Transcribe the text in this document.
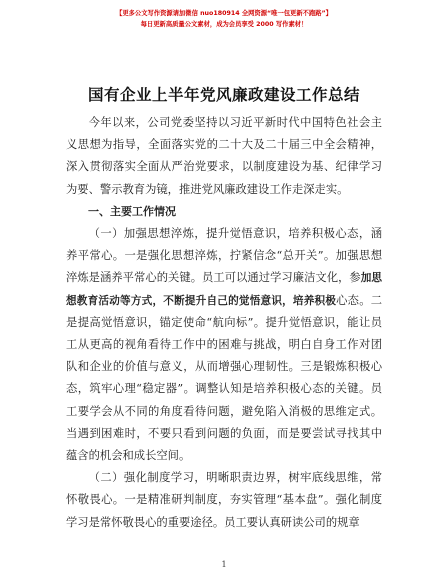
【更多公文写作资源请加微信 nuo180914 全网资源“唯一包更新不跑路”】
每日更新高质量公文素材，成为会员享受 2000 写作素材！
国有企业上半年党风廉政建设工作总结

今年以来，公司党委坚持以习近平新时代中国特色社会主义思想为指导，全面落实党的二十大及二十届三中全会精神，深入贯彻落实全面从严治党要求，以制度建设为基、纪律学习为要、警示教育为镜，推进党风廉政建设工作走深走实。

一、主要工作情况

（一）加强思想淬炼，提升觉悟意识，培养积极心态，涵养平常心。一是强化思想淬炼，拧紧信念“总开关”。加强思想淬炼是涵养平常心的关键。员工可以通过学习廉洁文化，参加思想教育活动等方式，不断提升自己的觉悟意识，培养积极心态。二是提高觉悟意识，锚定使命“航向标”。提升觉悟意识，能让员工从更高的视角看待工作中的困难与挑战，明白自身工作对团队和企业的价值与意义，从而增强心理韧性。三是锻炼积极心态，筑牢心理“稳定器”。调整认知是培养积极心态的关键。员工要学会从不同的角度看待问题，避免陷入消极的思维定式。当遇到困难时，不要只看到问题的负面，而是要尝试寻找其中蕴含的机会和成长空间。

（二）强化制度学习，明晰职责边界，树牢底线思维，常怀敬畏心。一是精准研判制度，夯实管理“基本盘”。强化制度学习是常怀敬畏心的重要途径。员工要认真研读公司的规章

1
